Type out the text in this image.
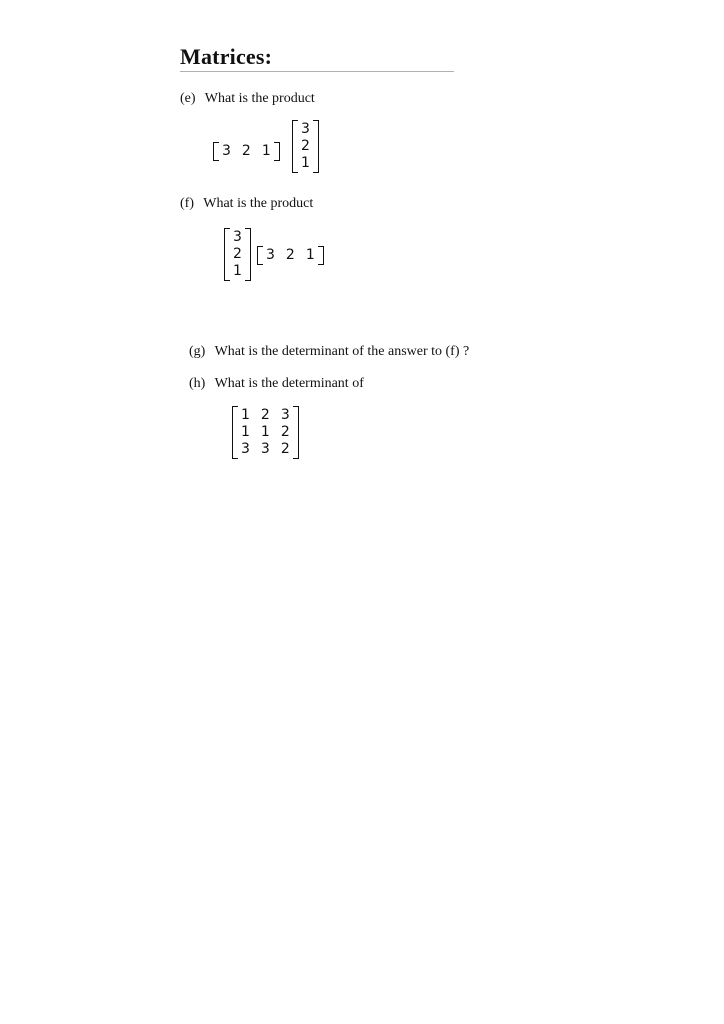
Matrices:
(e) What is the product
3 2 1
3
2
1
(f) What is the product
3
2
1
3 2 1
(g) What is the determinant of the answer to (f) ?
(h) What is the determinant of
1 2 3
1 1 2
3 3 2
